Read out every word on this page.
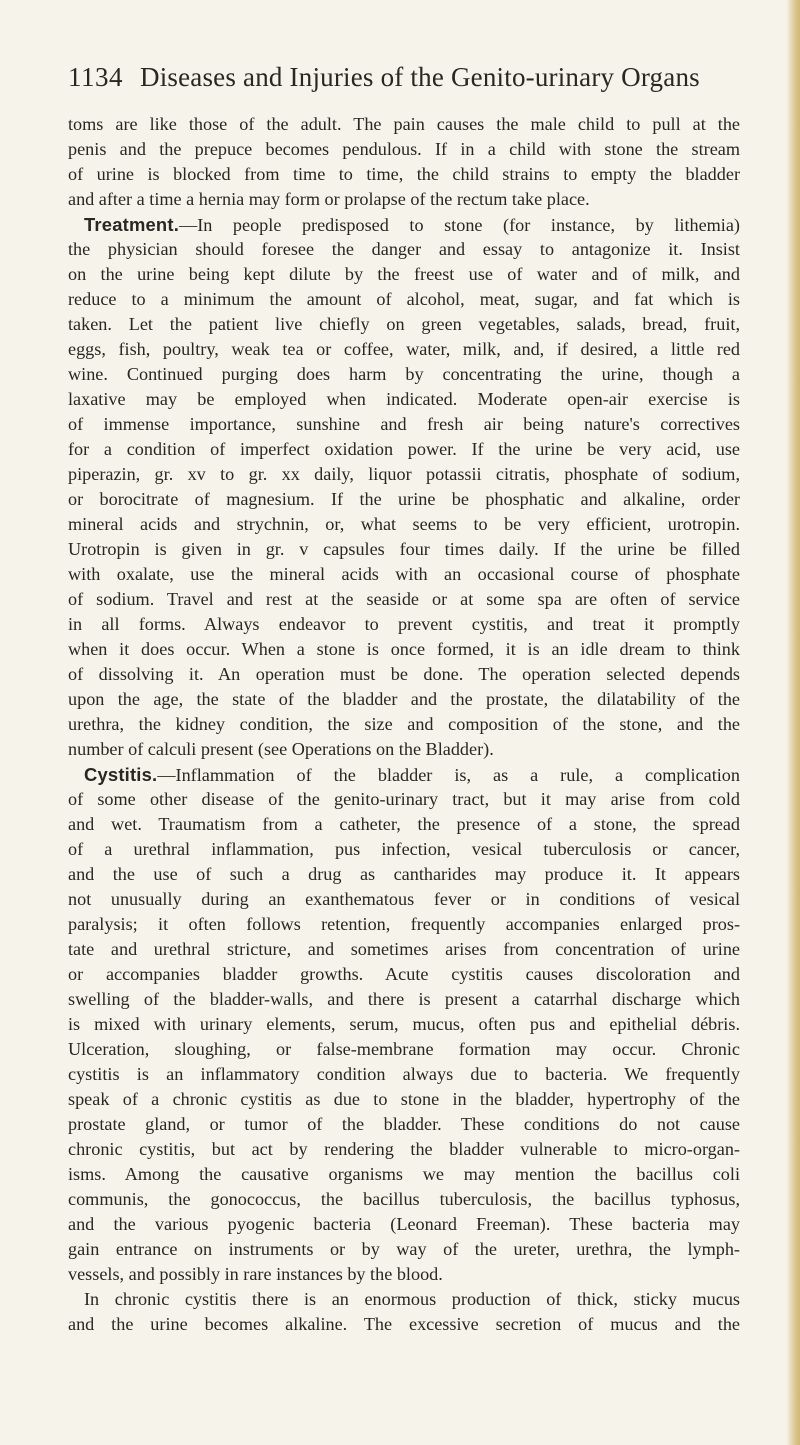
1134 Diseases and Injuries of the Genito-urinary Organs
toms are like those of the adult. The pain causes the male child to pull at the
penis and the prepuce becomes pendulous. If in a child with stone the stream
of urine is blocked from time to time, the child strains to empty the bladder
and after a time a hernia may form or prolapse of the rectum take place.
Treatment.—In people predisposed to stone (for instance, by lithemia)
the physician should foresee the danger and essay to antagonize it. Insist
on the urine being kept dilute by the freest use of water and of milk, and
reduce to a minimum the amount of alcohol, meat, sugar, and fat which is
taken. Let the patient live chiefly on green vegetables, salads, bread, fruit,
eggs, fish, poultry, weak tea or coffee, water, milk, and, if desired, a little red
wine. Continued purging does harm by concentrating the urine, though a
laxative may be employed when indicated. Moderate open-air exercise is
of immense importance, sunshine and fresh air being nature's correctives
for a condition of imperfect oxidation power. If the urine be very acid, use
piperazin, gr. xv to gr. xx daily, liquor potassii citratis, phosphate of sodium,
or borocitrate of magnesium. If the urine be phosphatic and alkaline, order
mineral acids and strychnin, or, what seems to be very efficient, urotropin.
Urotropin is given in gr. v capsules four times daily. If the urine be filled
with oxalate, use the mineral acids with an occasional course of phosphate
of sodium. Travel and rest at the seaside or at some spa are often of service
in all forms. Always endeavor to prevent cystitis, and treat it promptly
when it does occur. When a stone is once formed, it is an idle dream to think
of dissolving it. An operation must be done. The operation selected depends
upon the age, the state of the bladder and the prostate, the dilatability of the
urethra, the kidney condition, the size and composition of the stone, and the
number of calculi present (see Operations on the Bladder).
Cystitis.—Inflammation of the bladder is, as a rule, a complication
of some other disease of the genito-urinary tract, but it may arise from cold
and wet. Traumatism from a catheter, the presence of a stone, the spread
of a urethral inflammation, pus infection, vesical tuberculosis or cancer,
and the use of such a drug as cantharides may produce it. It appears
not unusually during an exanthematous fever or in conditions of vesical
paralysis; it often follows retention, frequently accompanies enlarged pros-
tate and urethral stricture, and sometimes arises from concentration of urine
or accompanies bladder growths. Acute cystitis causes discoloration and
swelling of the bladder-walls, and there is present a catarrhal discharge which
is mixed with urinary elements, serum, mucus, often pus and epithelial débris.
Ulceration, sloughing, or false-membrane formation may occur. Chronic
cystitis is an inflammatory condition always due to bacteria. We frequently
speak of a chronic cystitis as due to stone in the bladder, hypertrophy of the
prostate gland, or tumor of the bladder. These conditions do not cause
chronic cystitis, but act by rendering the bladder vulnerable to micro-organ-
isms. Among the causative organisms we may mention the bacillus coli
communis, the gonococcus, the bacillus tuberculosis, the bacillus typhosus,
and the various pyogenic bacteria (Leonard Freeman). These bacteria may
gain entrance on instruments or by way of the ureter, urethra, the lymph-
vessels, and possibly in rare instances by the blood.
In chronic cystitis there is an enormous production of thick, sticky mucus
and the urine becomes alkaline. The excessive secretion of mucus and the
